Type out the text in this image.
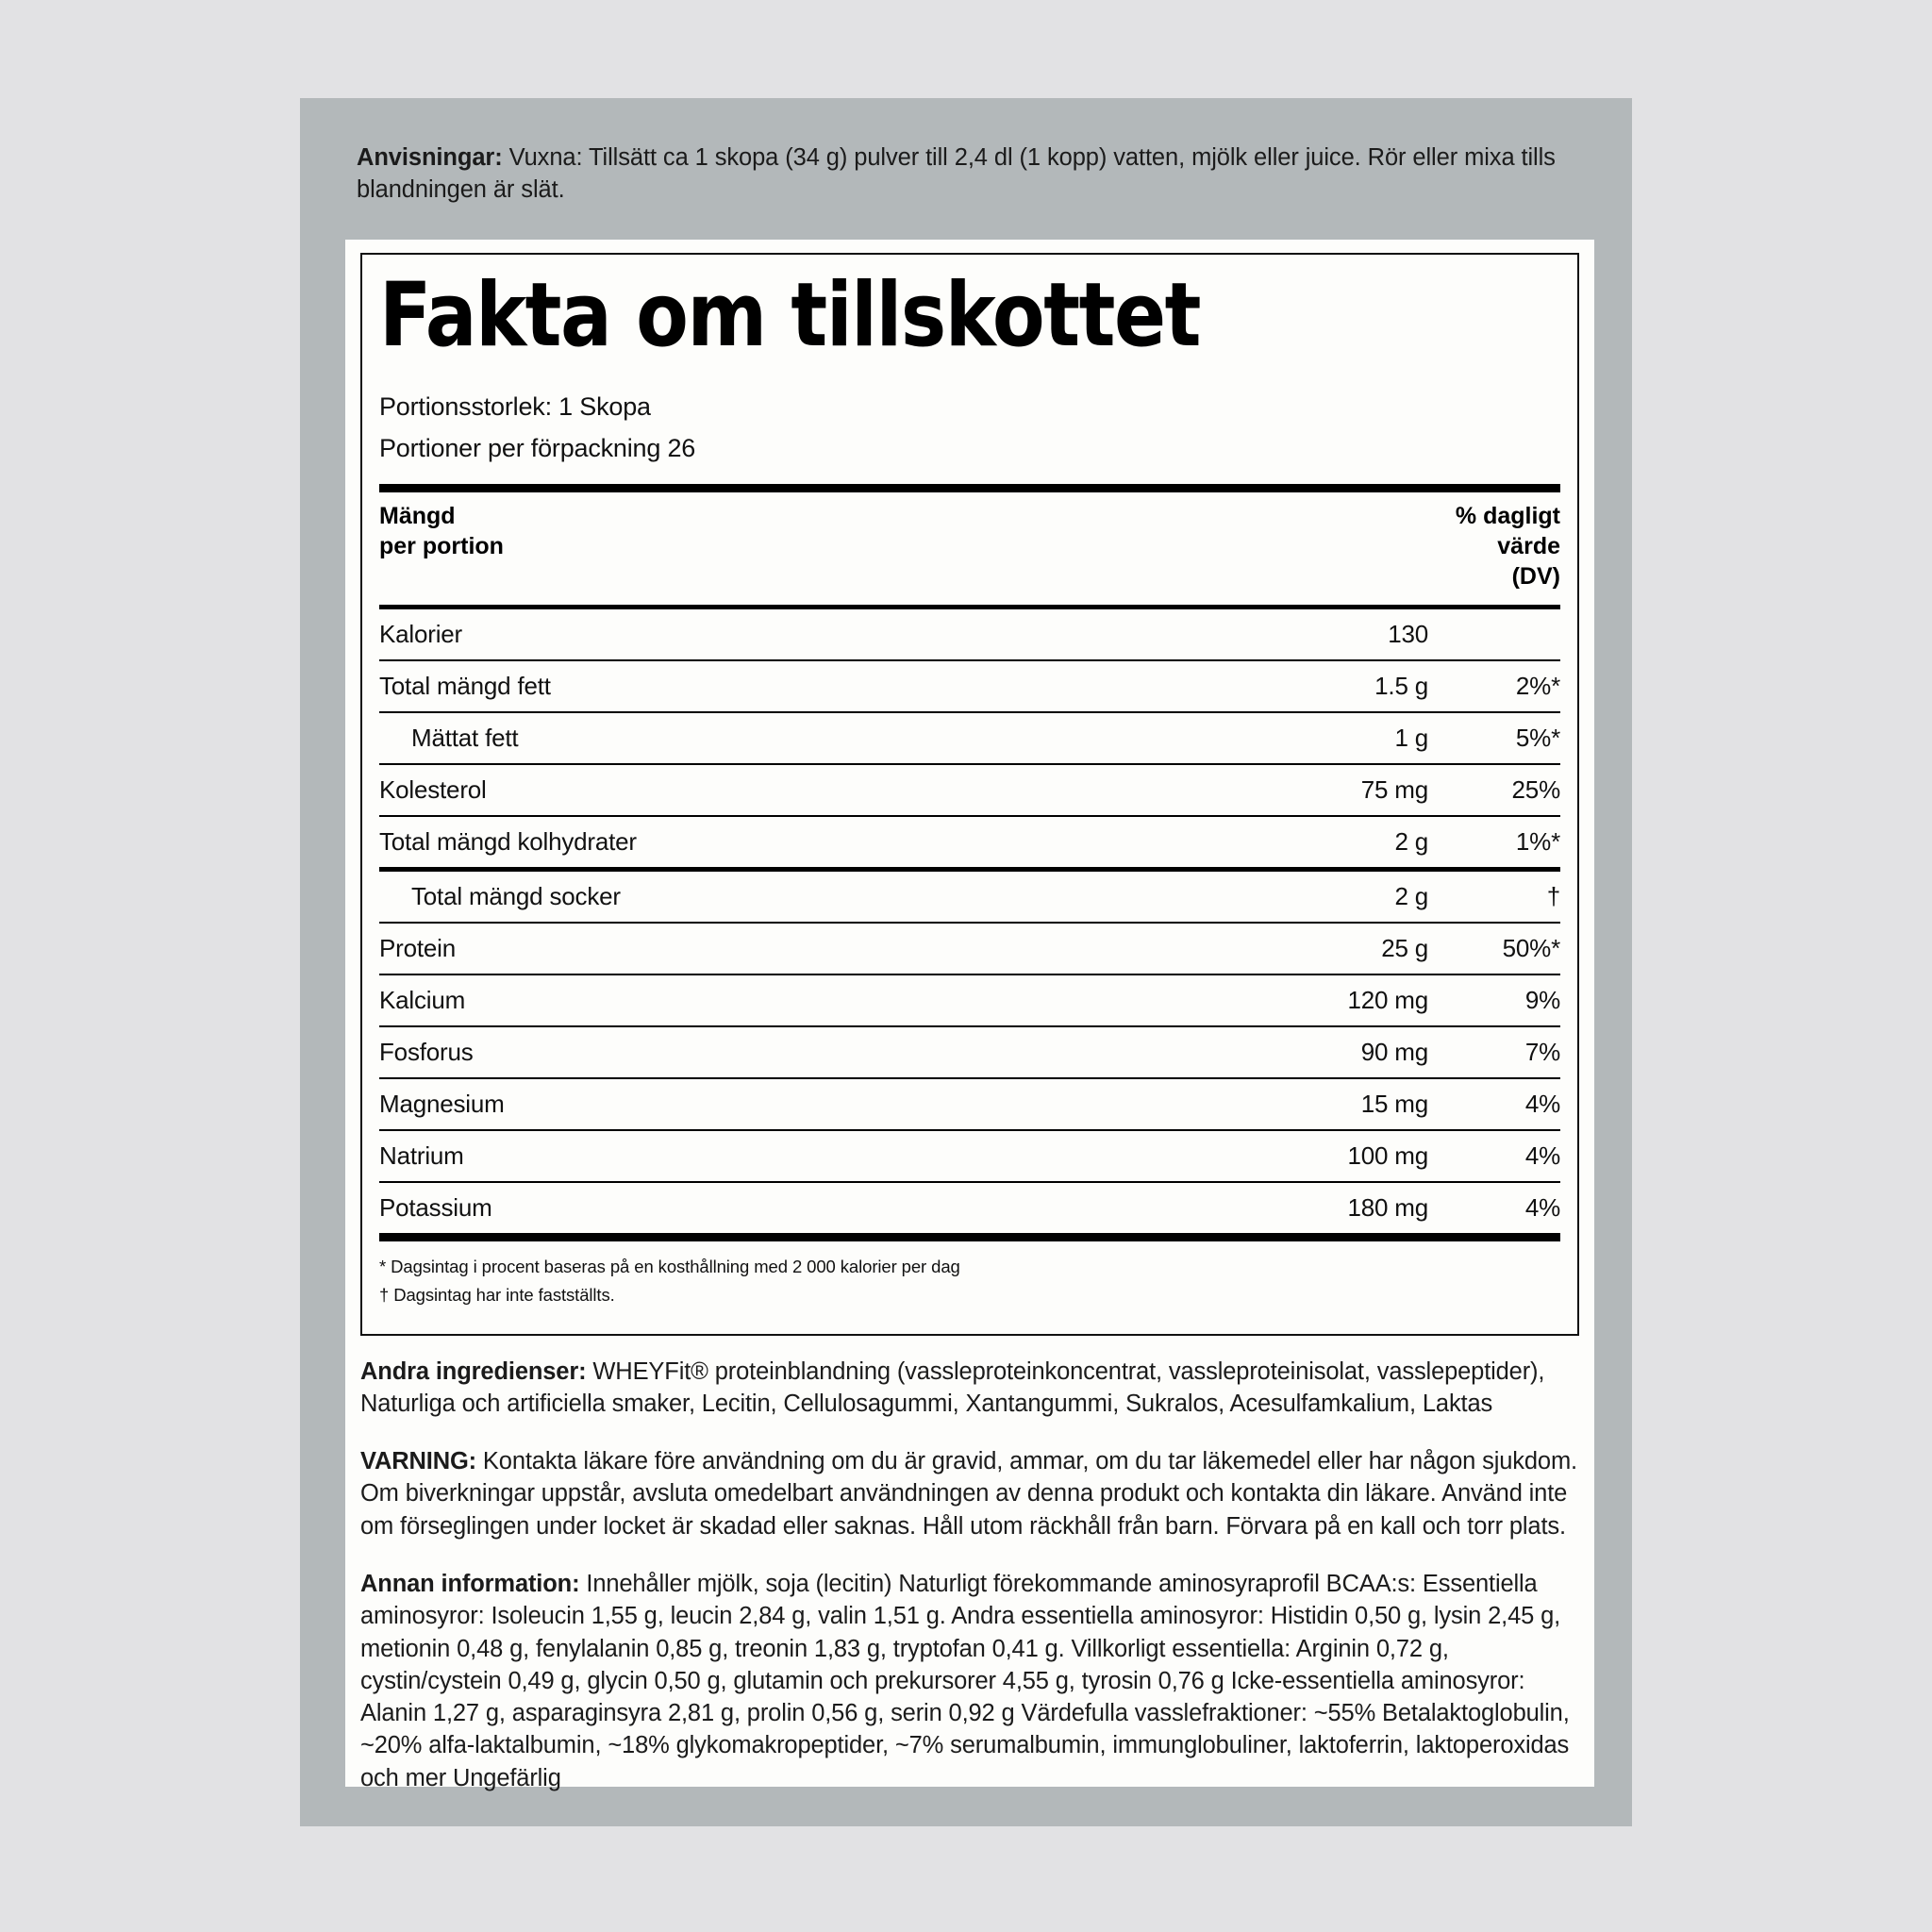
Anvisningar: Vuxna: Tillsätt ca 1 skopa (34 g) pulver till 2,4 dl (1 kopp) vatten, mjölk eller juice. Rör eller mixa tills blandningen är slät.
Fakta om tillskottet
Portionsstorlek: 1 Skopa
Portioner per förpackning 26
Mängd
per portion
% dagligt
värde
(DV)
Kalorier	130	
Total mängd fett	1.5 g	2%*
Mättat fett	1 g	5%*
Kolesterol	75 mg	25%
Total mängd kolhydrater	2 g	1%*
Total mängd socker	2 g	†
Protein	25 g	50%*
Kalcium	120 mg	9%
Fosforus	90 mg	7%
Magnesium	15 mg	4%
Natrium	100 mg	4%
Potassium	180 mg	4%
* Dagsintag i procent baseras på en kosthållning med 2 000 kalorier per dag
† Dagsintag har inte fastställts.
Andra ingredienser: WHEYFit® proteinblandning (vassleproteinkoncentrat, vassleproteinisolat, vasslepeptider), Naturliga och artificiella smaker, Lecitin, Cellulosagummi, Xantangummi, Sukralos, Acesulfamkalium, Laktas
VARNING: Kontakta läkare före användning om du är gravid, ammar, om du tar läkemedel eller har någon sjukdom. Om biverkningar uppstår, avsluta omedelbart användningen av denna produkt och kontakta din läkare. Använd inte om förseglingen under locket är skadad eller saknas. Håll utom räckhåll från barn. Förvara på en kall och torr plats.
Annan information: Innehåller mjölk, soja (lecitin) Naturligt förekommande aminosyraprofil BCAA:s: Essentiella aminosyror: Isoleucin 1,55 g, leucin 2,84 g, valin 1,51 g. Andra essentiella aminosyror: Histidin 0,50 g, lysin 2,45 g, metionin 0,48 g, fenylalanin 0,85 g, treonin 1,83 g, tryptofan 0,41 g. Villkorligt essentiella: Arginin 0,72 g, cystin/cystein 0,49 g, glycin 0,50 g, glutamin och prekursorer 4,55 g, tyrosin 0,76 g Icke-essentiella aminosyror: Alanin 1,27 g, asparaginsyra 2,81 g, prolin 0,56 g, serin 0,92 g Värdefulla vasslefraktioner: ~55% Betalaktoglobulin, ~20% alfa-laktalbumin, ~18% glykomakropeptider, ~7% serumalbumin, immunglobuliner, laktoferrin, laktoperoxidas och mer Ungefärlig
